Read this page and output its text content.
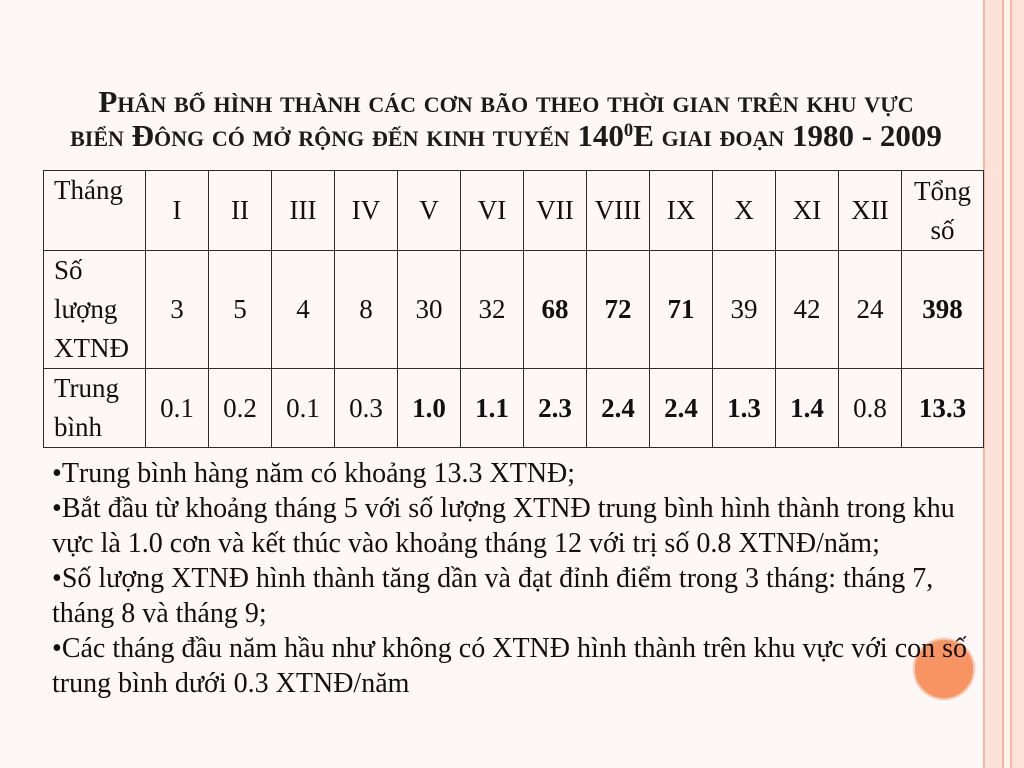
Phân bố hình thành các cơn bão theo thời gian trên khu vực
biển Đông có mở rộng đến kinh tuyến $140^0E$ giai đoạn 1980 - 2009
Tháng	I	II	III	IV	V	VI	VII	VIII	IX	X	XI	XII	Tổng số
Số lượng XTNĐ	3	5	4	8	30	32	68	72	71	39	42	24	398
Trung bình	0.1	0.2	0.1	0.3	1.0	1.1	2.3	2.4	2.4	1.3	1.4	0.8	13.3

•Trung bình hàng năm có khoảng 13.3 XTNĐ;

•Bắt đầu từ khoảng tháng 5 với số lượng XTNĐ trung bình hình thành trong khu vực là 1.0 cơn và kết thúc vào khoảng tháng 12 với trị số 0.8 XTNĐ/năm;

•Số lượng XTNĐ hình thành tăng dần và đạt đỉnh điểm trong 3 tháng: tháng 7, tháng 8 và tháng 9;

•Các tháng đầu năm hầu như không có XTNĐ hình thành trên khu vực với con số trung bình dưới 0.3 XTNĐ/năm
